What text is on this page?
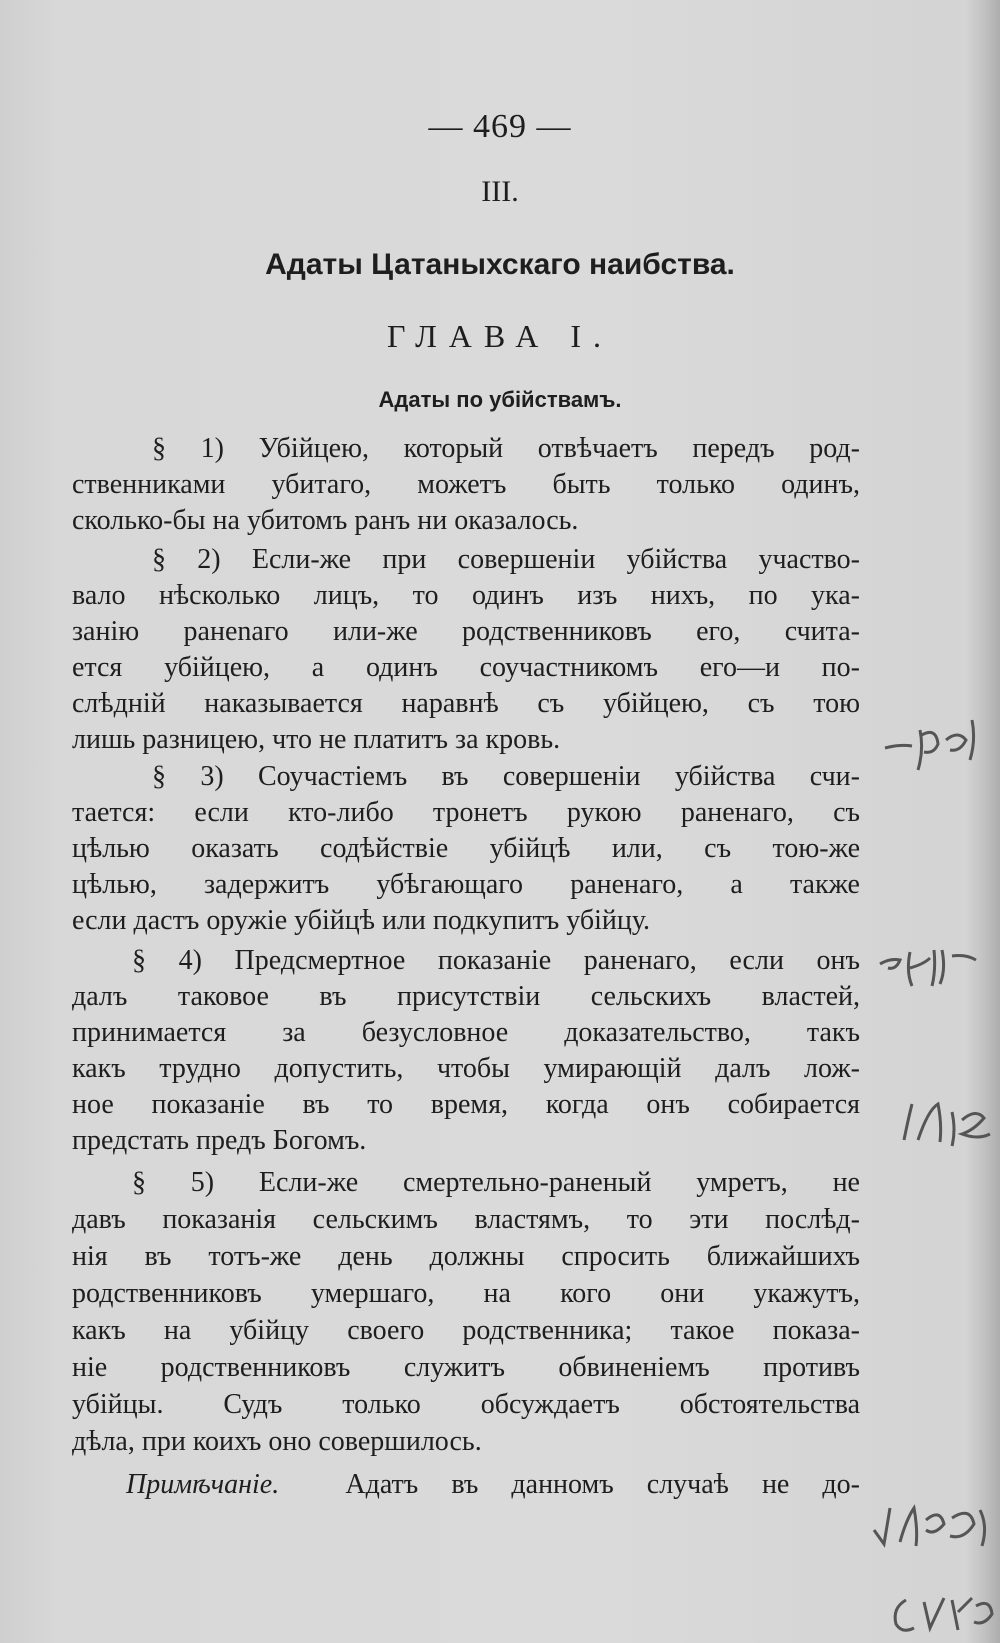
— 469 —
III.
Адаты Цатаныхскаго наибства.
ГЛАВА I.
Адаты по убійствамъ.
§ 1) Убійцею, который отвѣчаетъ передъ род-
ственниками убитаго, можетъ быть только одинъ,
сколько-бы на убитомъ ранъ ни оказалось.
§ 2) Если-же при совершеніи убійства участво-
вало нѣсколько лицъ, то одинъ изъ нихъ, по ука-
занію ранenaго или-же родственниковъ его, счита-
ется убійцею, а одинъ соучастникомъ его—и по-
слѣдній наказывается наравнѣ съ убійцею, съ тою
лишь разницею, что не платитъ за кровь.
§ 3) Соучастіемъ въ совершеніи убійства счи-
тается: если кто-либо тронетъ рукою раненаго, съ
цѣлью оказать содѣйствіе убійцѣ или, съ тою-же
цѣлью, задержитъ убѣгающаго раненаго, а также
если дастъ оружіе убійцѣ или подкупитъ убійцу.
§ 4) Предсмертное показаніе раненаго, если онъ
далъ таковое въ присутствіи сельскихъ властей,
принимается за безусловное доказательство, такъ
какъ трудно допустить, чтобы умирающій далъ лож-
ное показаніе въ то время, когда онъ собирается
предстать предъ Богомъ.
§ 5) Если-же смертельно-раненый умретъ, не
давъ показанія сельскимъ властямъ, то эти послѣд-
нія въ тотъ-же день должны спросить ближайшихъ
родственниковъ умершаго, на кого они укажутъ,
какъ на убійцу своего родственника; такое показа-
ніе родственниковъ служитъ обвиненіемъ противъ
убійцы. Судъ только обсуждаетъ обстоятельства
дѣла, при коихъ оно совершилось.
Примѣчаніе. Адатъ въ данномъ случаѣ не до-
